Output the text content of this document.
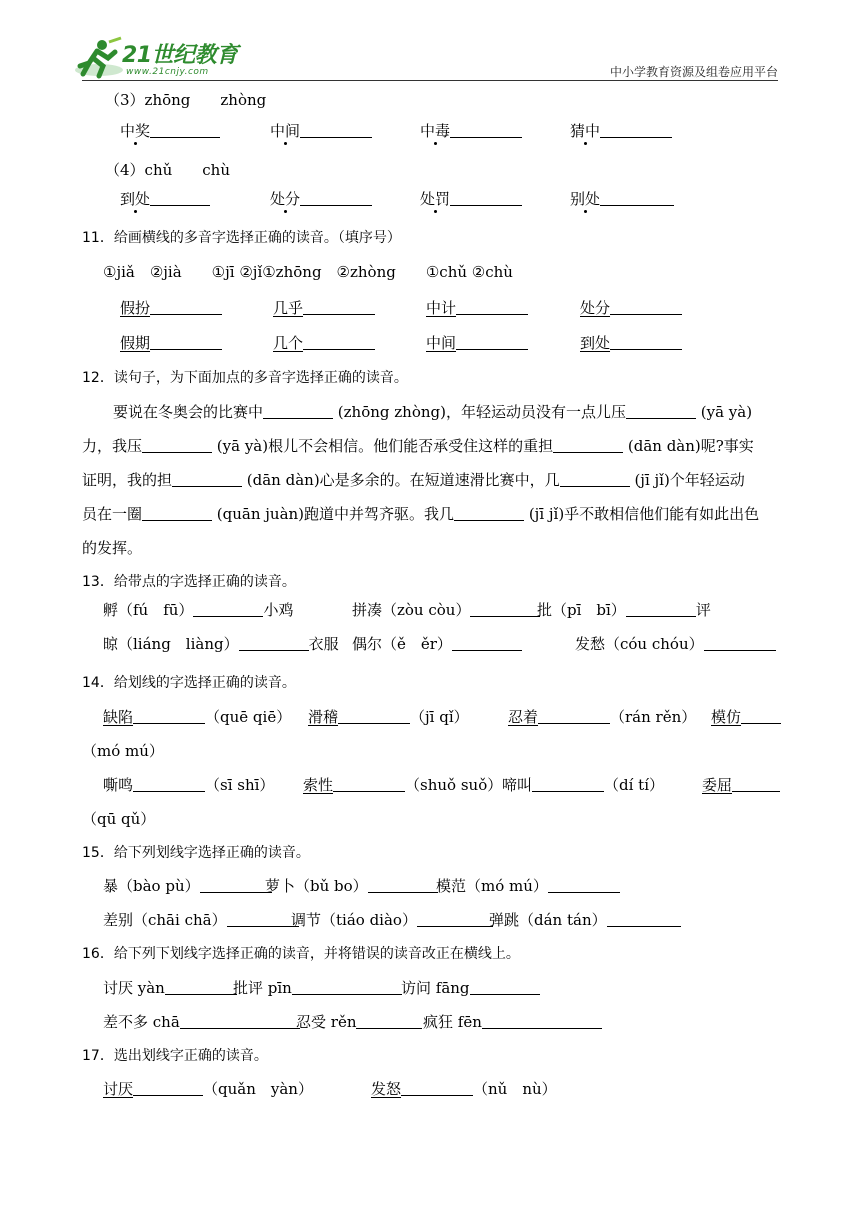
21世纪教育
www.21cnjy.com	中小学教育资源及组卷应用平台
（3）zhōng　　zhòng
中奖	中间	中毒	猜中
（4）chǔ　　chù
到处	处分	处罚	别处
11．给画横线的多音字选择正确的读音。（填序号）
①jiǎ　②jià　　①jī ②jǐ①zhōng　②zhòng　　①chǔ ②chù
假扮	几乎	中计	处分
假期	几个	中间	到处
12．读句子，为下面加点的多音字选择正确的读音。
要说在冬奥会的比赛中	(zhōng zhòng)，年轻运动员没有一点儿压	(yā yà)
力，我压	(yā yà)根儿不会相信。他们能否承受住这样的重担	(dān dàn)呢?事实
证明，我的担	(dān dàn)心是多余的。在短道速滑比赛中，几	(jī jǐ)个年轻运动
员在一圈	(quān juàn)跑道中并驾齐驱。我几	(jī jǐ)乎不敢相信他们能有如此出色
的发挥。
13．给带点的字选择正确的读音。
孵（fú　fū）	小鸡	拼凑（zòu còu）	批（pī　bī）	评
晾（liáng　liàng）	衣服 偶尔（ě　ěr）	发愁（cóu chóu）
14．给划线的字选择正确的读音。
缺陷	（quē qiē） 滑稽	（jī qǐ）	忍着	（rán rěn） 模仿
（mó mú）
嘶鸣	（sī shī） 索性	（shuǒ suǒ） 啼叫	（dí tí）	委屈
（qū qǔ）
15．给下列划线字选择正确的读音。
暴（bào pù）	萝卜（bǔ bo）	模范（mó mú）
差别（chāi chā）	调节（tiáo diào）	弹跳（dán tán）
16．给下列下划线字选择正确的读音，并将错误的读音改正在横线上。
讨厌 yàn	批评 pīn	访问 fāng
差不多 chā	忍受 rěn	疯狂 fēn
17．选出划线字正确的读音。
讨厌	（quǎn　yàn）	发怒	（nǔ　nù）
